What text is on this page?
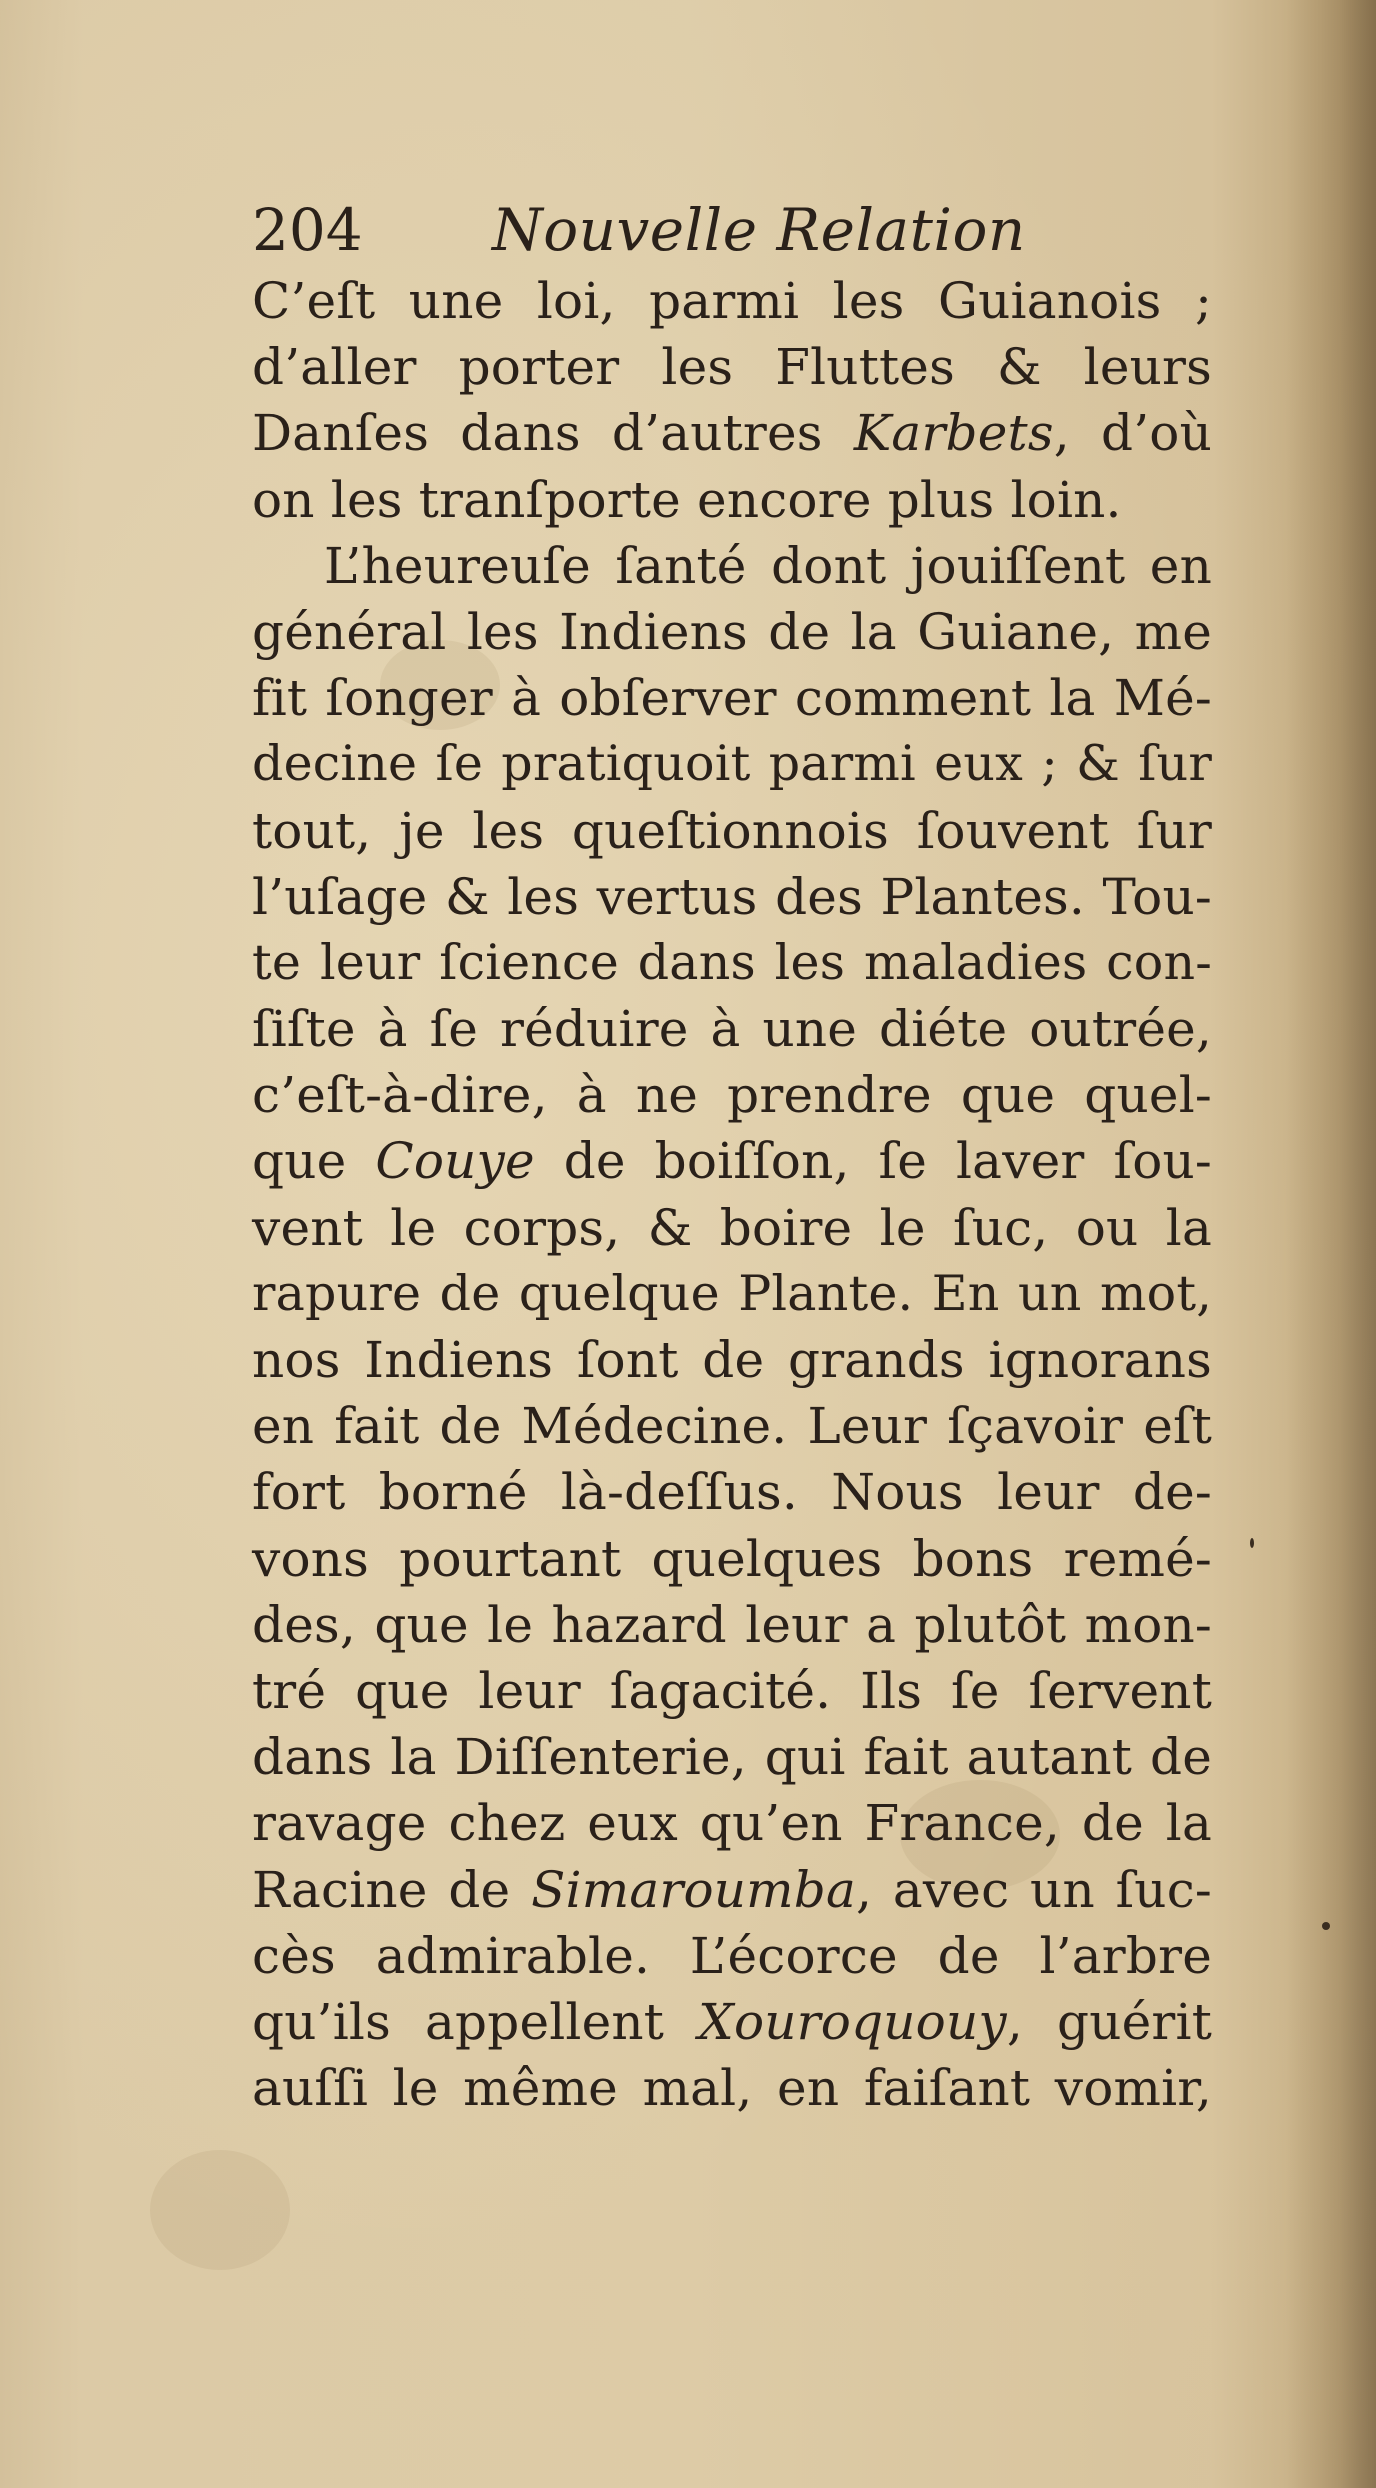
204 Nouvelle Relation
C’eſt une loi, parmi les Guianois ;
d’aller porter les Fluttes & leurs
Danſes dans d’autres Karbets, d’où
on les tranſporte encore plus loin.
L’heureuſe ſanté dont jouiſſent en
général les Indiens de la Guiane, me
fit ſonger à obſerver comment la Mé-
decine ſe pratiquoit parmi eux ; & ſur
tout, je les queſtionnois ſouvent ſur
l’uſage & les vertus des Plantes. Tou-
te leur ſcience dans les maladies con-
ſiſte à ſe réduire à une diéte outrée,
c’eſt-à-dire, à ne prendre que quel-
que Couye de boiſſon, ſe laver ſou-
vent le corps, & boire le ſuc, ou la
rapure de quelque Plante. En un mot,
nos Indiens ſont de grands ignorans
en fait de Médecine. Leur ſçavoir eſt
fort borné là-deſſus. Nous leur de-
vons pourtant quelques bons remé-
des, que le hazard leur a plutôt mon-
tré que leur ſagacité. Ils ſe ſervent
dans la Diſſenterie, qui fait autant de
ravage chez eux qu’en France, de la
Racine de Simaroumba, avec un ſuc-
cès admirable. L’écorce de l’arbre
qu’ils appellent Xouroquouy, guérit
auſſi le même mal, en faiſant vomir,
